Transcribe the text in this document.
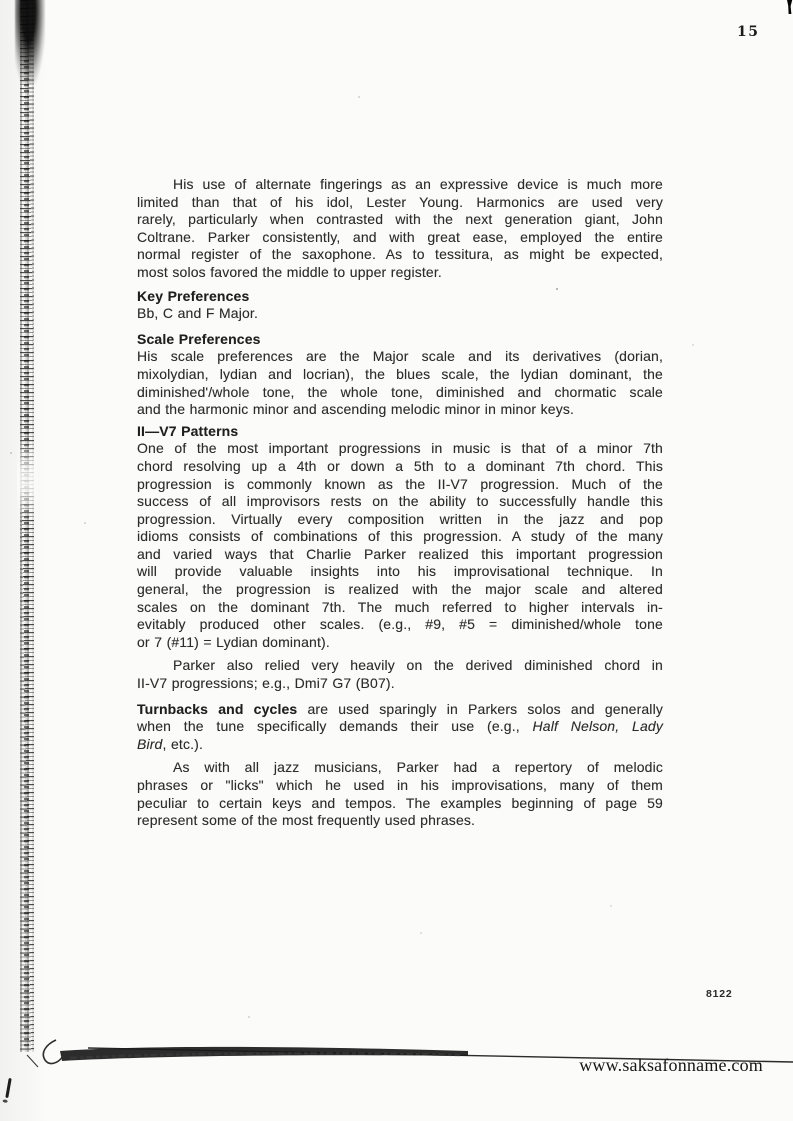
15
His use of alternate fingerings as an expressive device is much more
limited than that of his idol, Lester Young. Harmonics are used very
rarely, particularly when contrasted with the next generation giant, John
Coltrane. Parker consistently, and with great ease, employed the entire
normal register of the saxophone. As to tessitura, as might be expected,
most solos favored the middle to upper register.
Key Preferences
Bb, C and F Major.
Scale Preferences
His scale preferences are the Major scale and its derivatives (dorian,
mixolydian, lydian and locrian), the blues scale, the lydian dominant, the
diminished'/whole tone, the whole tone, diminished and chormatic scale
and the harmonic minor and ascending melodic minor in minor keys.
II—V7 Patterns
One of the most important progressions in music is that of a minor 7th
chord resolving up a 4th or down a 5th to a dominant 7th chord. This
progression is commonly known as the II-V7 progression. Much of the
success of all improvisors rests on the ability to successfully handle this
progression. Virtually every composition written in the jazz and pop
idioms consists of combinations of this progression. A study of the many
and varied ways that Charlie Parker realized this important progression
will provide valuable insights into his improvisational technique. In
general, the progression is realized with the major scale and altered
scales on the dominant 7th. The much referred to higher intervals in-
evitably produced other scales. (e.g., #9, #5 = diminished/whole tone
or 7 (#11) = Lydian dominant).
Parker also relied very heavily on the derived diminished chord in
II-V7 progressions; e.g., Dmi7 G7 (B07).
Turnbacks and cycles are used sparingly in Parkers solos and generally
when the tune specifically demands their use (e.g., Half Nelson, Lady
Bird, etc.).
As with all jazz musicians, Parker had a repertory of melodic
phrases or "licks" which he used in his improvisations, many of them
peculiar to certain keys and tempos. The examples beginning of page 59
represent some of the most frequently used phrases.
8122
www.saksafonname.com
